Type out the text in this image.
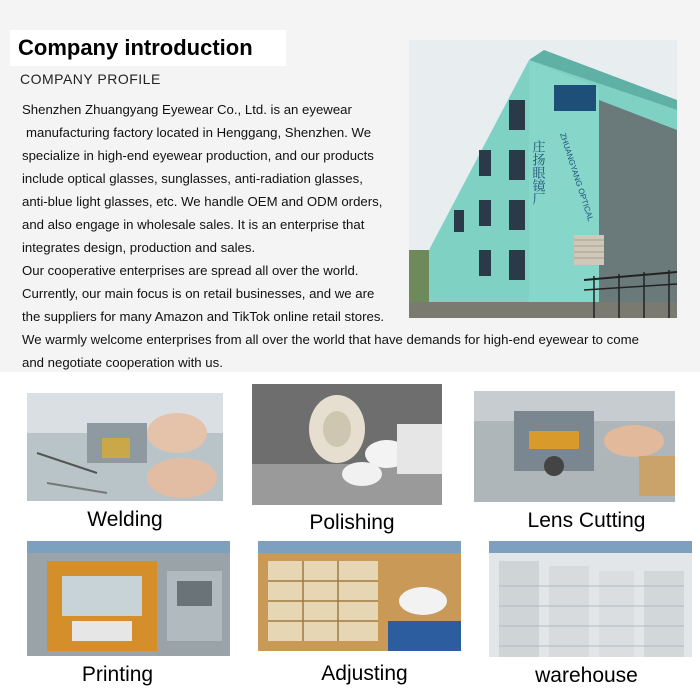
Company introduction
COMPANY PROFILE

Shenzhen Zhuangyang Eyewear Co., Ltd. is an eyewear

manufacturing factory located in Henggang, Shenzhen. We

specialize in high-end eyewear production, and our products

include optical glasses, sunglasses, anti-radiation glasses,

anti-blue light glasses, etc. We handle OEM and ODM orders,

and also engage in wholesale sales. It is an enterprise that

integrates design, production and sales.

Our cooperative enterprises are spread all over the world.

Currently, our main focus is on retail businesses, and we are

the suppliers for many Amazon and TikTok online retail stores.

We warmly welcome enterprises from all over the world that have demands for high-end eyewear to come

and negotiate cooperation with us.

ZHUANGYANG OPTICAL
庄扬眼镜厂
Welding	Polishing	Lens Cutting
Printing	Adjusting	warehouse
